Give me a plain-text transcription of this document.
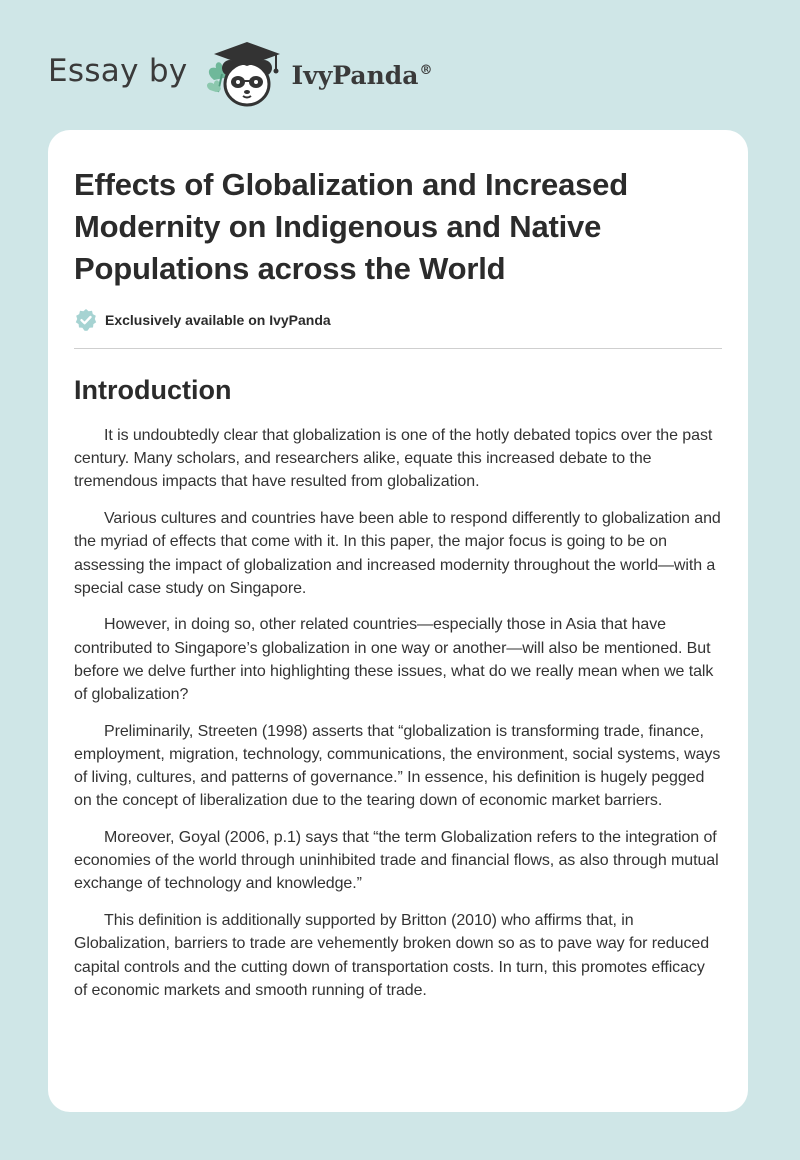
Essay by	IvyPanda®
Effects of Globalization and Increased Modernity on Indigenous and Native Populations across the World
Exclusively available on IvyPanda
Introduction

It is undoubtedly clear that globalization is one of the hotly debated topics over the past century. Many scholars, and researchers alike, equate this increased debate to the tremendous impacts that have resulted from globalization.

Various cultures and countries have been able to respond differently to globalization and the myriad of effects that come with it. In this paper, the major focus is going to be on assessing the impact of globalization and increased modernity throughout the world—with a special case study on Singapore.

However, in doing so, other related countries—especially those in Asia that have contributed to Singapore’s globalization in one way or another—will also be mentioned. But before we delve further into highlighting these issues, what do we really mean when we talk of globalization?

Preliminarily, Streeten (1998) asserts that “globalization is transforming trade, finance, employment, migration, technology, communications, the environment, social systems, ways of living, cultures, and patterns of governance.” In essence, his definition is hugely pegged on the concept of liberalization due to the tearing down of economic market barriers.

Moreover, Goyal (2006, p.1) says that “the term Globalization refers to the integration of economies of the world through uninhibited trade and financial flows, as also through mutual exchange of technology and knowledge.”

This definition is additionally supported by Britton (2010) who affirms that, in Globalization, barriers to trade are vehemently broken down so as to pave way for reduced capital controls and the cutting down of transportation costs. In turn, this promotes efficacy of economic markets and smooth running of trade.
